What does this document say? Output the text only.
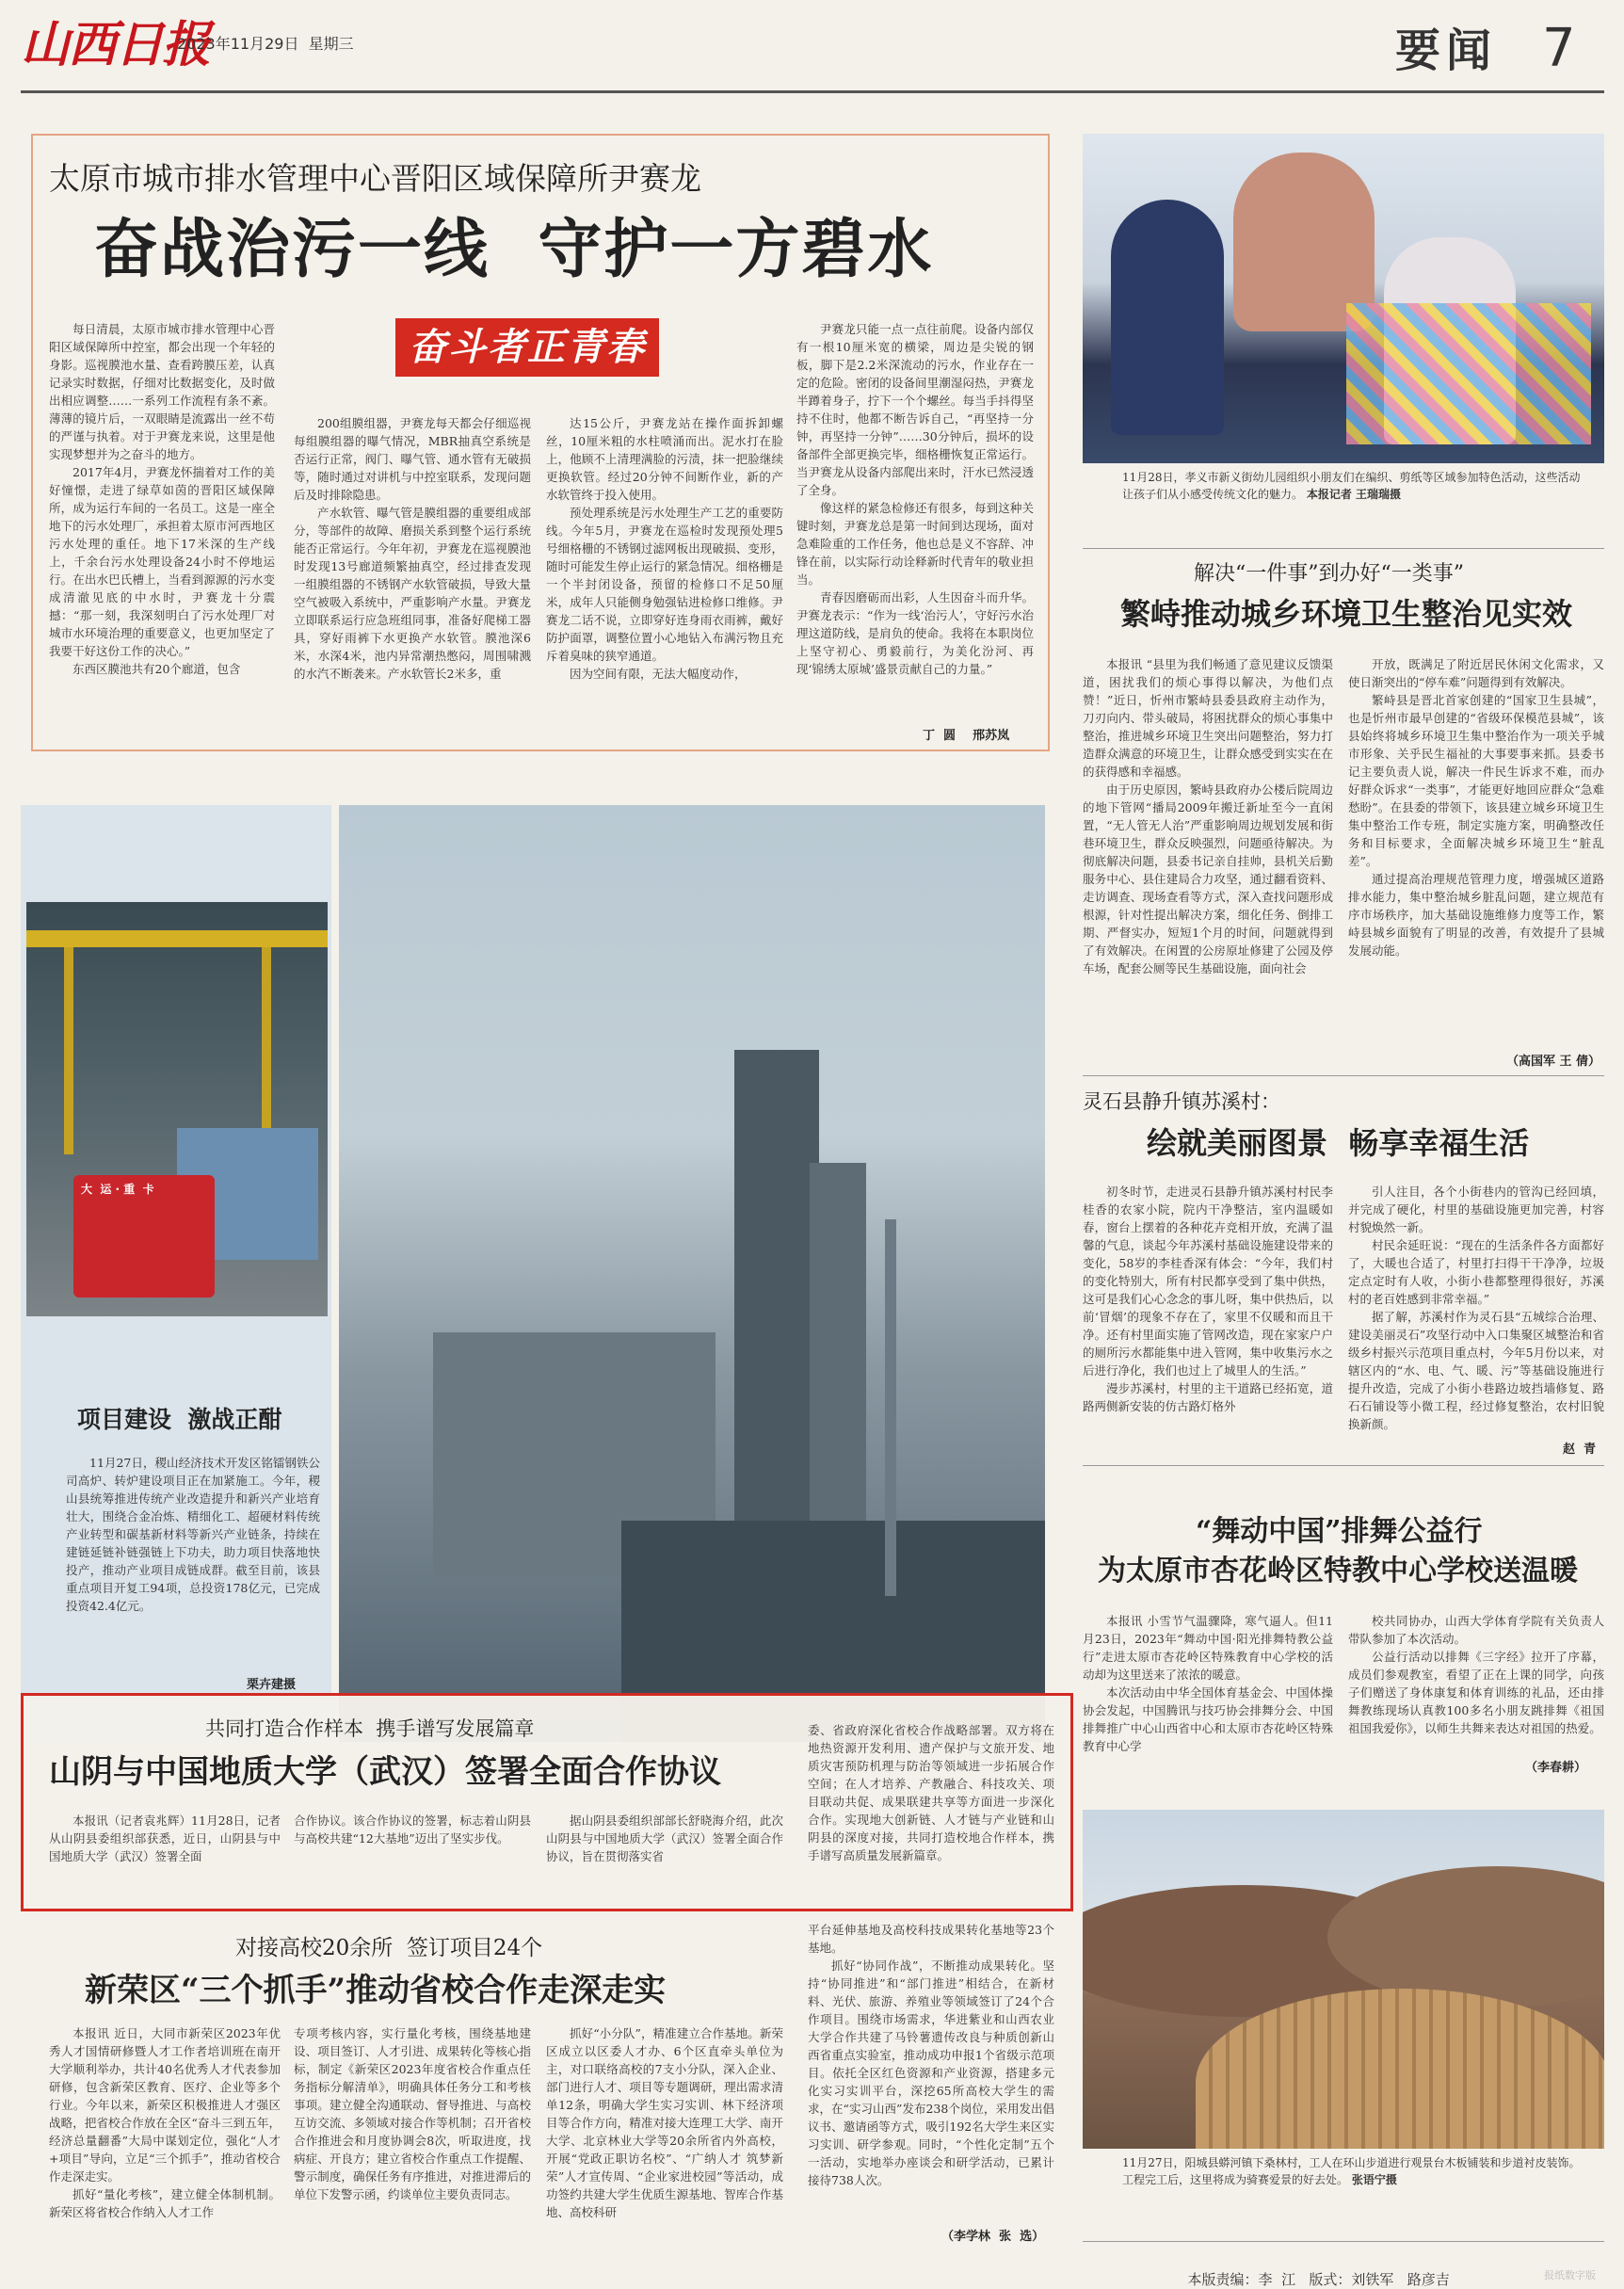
山西日报
2023年11月29日 星期三	要闻 7
太原市城市排水管理中心晋阳区域保障所尹赛龙
奋战治污一线  守护一方碧水
奋斗者正青春

每日清晨，太原市城市排水管理中心晋阳区域保障所中控室，都会出现一个年轻的身影。巡视膜池水量、查看跨膜压差，认真记录实时数据，仔细对比数据变化，及时做出相应调整……一系列工作流程有条不紊。薄薄的镜片后，一双眼睛是流露出一丝不苟的严谨与执着。对于尹赛龙来说，这里是他实现梦想并为之奋斗的地方。

2017年4月，尹赛龙怀揣着对工作的美好憧憬，走进了绿草如茵的晋阳区域保障所，成为运行车间的一名员工。这是一座全地下的污水处理厂，承担着太原市河西地区污水处理的重任。地下17米深的生产线上，千余台污水处理设备24小时不停地运行。在出水巴氏槽上，当看到源源的污水变成清澈见底的中水时，尹赛龙十分震撼：“那一刻，我深刻明白了污水处理厂对城市水环境治理的重要意义，也更加坚定了我要干好这份工作的决心。”

东西区膜池共有20个廊道，包含

200组膜组器，尹赛龙每天都会仔细巡视每组膜组器的曝气情况，MBR抽真空系统是否运行正常，阀门、曝气管、通水管有无破损等，随时通过对讲机与中控室联系，发现问题后及时排除隐患。

产水软管、曝气管是膜组器的重要组成部分，等部件的故障、磨损关系到整个运行系统能否正常运行。今年年初，尹赛龙在巡视膜池时发现13号廊道频繁抽真空，经过排查发现一组膜组器的不锈钢产水软管破损，导致大量空气被吸入系统中，严重影响产水量。尹赛龙立即联系运行应急班组同事，准备好爬梯工器具，穿好雨裤下水更换产水软管。膜池深6米，水深4米，池内异常潮热憋闷，周围啸溅的水汽不断袭来。产水软管长2米多，重

达15公斤，尹赛龙站在操作面拆卸螺丝，10厘米粗的水柱喷涌而出。泥水打在脸上，他顾不上清理满脸的污渍，抹一把脸继续更换软管。经过20分钟不间断作业，新的产水软管终于投入使用。

预处理系统是污水处理生产工艺的重要防线。今年5月，尹赛龙在巡检时发现预处理5号细格栅的不锈钢过滤网板出现破损、变形，随时可能发生停止运行的紧急情况。细格栅是一个半封闭设备，预留的检修口不足50厘米，成年人只能侧身勉强钻进检修口维修。尹赛龙二话不说，立即穿好连身雨衣雨裤，戴好防护面罩，调整位置小心地钻入布满污物且充斥着臭味的狭窄通道。

因为空间有限，无法大幅度动作，

尹赛龙只能一点一点往前爬。设备内部仅有一根10厘米宽的横梁，周边是尖锐的钢板，脚下是2.2米深流动的污水，作业存在一定的危险。密闭的设备间里潮湿闷热，尹赛龙半蹲着身子，拧下一个个螺丝。每当手抖得坚持不住时，他都不断告诉自己，“再坚持一分钟，再坚持一分钟”……30分钟后，损坏的设备部件全部更换完毕，细格栅恢复正常运行。当尹赛龙从设备内部爬出来时，汗水已然浸透了全身。

像这样的紧急检修还有很多，每到这种关键时刻，尹赛龙总是第一时间到达现场，面对急难险重的工作任务，他也总是义不容辞、冲锋在前，以实际行动诠释新时代青年的敬业担当。

青春因磨砺而出彩，人生因奋斗而升华。尹赛龙表示：“作为一线‘治污人’，守好污水治理这道防线，是肩负的使命。我将在本职岗位上坚守初心、勇毅前行，为美化汾河、再现‘锦绣太原城’盛景贡献自己的力量。”

丁  圆    邢苏岚
11月28日，孝义市新义街幼儿园组织小朋友们在编织、剪纸等区域参加特色活动，这些活动让孩子们从小感受传统文化的魅力。 本报记者 王瑞瑞摄
解决“一件事”到办好“一类事”
繁峙推动城乡环境卫生整治见实效

本报讯 “县里为我们畅通了意见建议反馈渠道，困扰我们的烦心事得以解决，为他们点赞！”近日，忻州市繁峙县委县政府主动作为，刀刃向内、带头破局，将困扰群众的烦心事集中整治，推进城乡环境卫生突出问题整治，努力打造群众满意的环境卫生，让群众感受到实实在在的获得感和幸福感。

由于历史原因，繁峙县政府办公楼后院周边的地下管网“播局2009年搬迁新址至今一直闲置，“无人管无人治”严重影响周边规划发展和街巷环境卫生，群众反映强烈，问题亟待解决。为彻底解决问题，县委书记亲自挂帅，县机关后勤服务中心、县住建局合力攻坚，通过翻看资料、走访调查、现场查看等方式，深入查找问题形成根源，针对性提出解决方案，细化任务、倒排工期、严督实办，短短1个月的时间，问题就得到了有效解决。在闲置的公房原址修建了公园及停车场，配套公厕等民生基础设施，面向社会

开放，既满足了附近居民休闲文化需求，又使日渐突出的“停车难”问题得到有效解决。

繁峙县是晋北首家创建的“国家卫生县城”，也是忻州市最早创建的“省级环保模范县城”，该县始终将城乡环境卫生集中整治作为一项关乎城市形象、关乎民生福祉的大事要事来抓。县委书记主要负责人说，解决一件民生诉求不难，而办好群众诉求“一类事”，才能更好地回应群众“急难愁盼”。在县委的带领下，该县建立城乡环境卫生集中整治工作专班，制定实施方案，明确整改任务和目标要求，全面解决城乡环境卫生“脏乱差”。

通过提高治理规范管理力度，增强城区道路排水能力，集中整治城乡脏乱问题，建立规范有序市场秩序，加大基础设施维修力度等工作，繁峙县城乡面貌有了明显的改善，有效提升了县城发展动能。

（高国军 王 倩）
灵石县静升镇苏溪村：
绘就美丽图景  畅享幸福生活

初冬时节，走进灵石县静升镇苏溪村村民李桂香的农家小院，院内干净整洁，室内温暖如春，窗台上摆着的各种花卉竞相开放，充满了温馨的气息，谈起今年苏溪村基础设施建设带来的变化，58岁的李桂香深有体会：“今年，我们村的变化特别大，所有村民都享受到了集中供热，这可是我们心心念念的事儿呀，集中供热后，以前‘冒烟’的现象不存在了，家里不仅暖和而且干净。还有村里面实施了管网改造，现在家家户户的厕所污水都能集中进入管网，集中收集污水之后进行净化，我们也过上了城里人的生活。”

漫步苏溪村，村里的主干道路已经拓宽，道路两侧新安装的仿古路灯格外

引人注目，各个小街巷内的管沟已经回填，并完成了硬化，村里的基础设施更加完善，村容村貌焕然一新。

村民余延旺说：“现在的生活条件各方面都好了，大暖也合适了，村里打扫得干干净净，垃圾定点定时有人收，小街小巷都整理得很好，苏溪村的老百姓感到非常幸福。”

据了解，苏溪村作为灵石县“五城综合治理、建设美丽灵石”攻坚行动中入口集聚区城整治和省级乡村振兴示范项目重点村，今年5月份以来，对辖区内的“水、电、气、暖、污”等基础设施进行提升改造，完成了小街小巷路边坡挡墙修复、路石石铺设等小微工程，经过修复整治，农村旧貌换新颜。

赵  青
“舞动中国”排舞公益行
为太原市杏花岭区特教中心学校送温暖

本报讯 小雪节气温骤降，寒气逼人。但11月23日，2023年“舞动中国·阳光排舞特教公益行”走进太原市杏花岭区特殊教育中心学校的活动却为这里送来了浓浓的暖意。

本次活动由中华全国体育基金会、中国体操协会发起，中国腾讯与技巧协会排舞分会、中国排舞推广中心山西省中心和太原市杏花岭区特殊教育中心学

校共同协办，山西大学体育学院有关负责人带队参加了本次活动。

公益行活动以排舞《三字经》拉开了序幕，成员们参观教室，看望了正在上课的同学，向孩子们赠送了身体康复和体育训练的礼品，还由排舞教练现场认真教100多名小朋友跳排舞《祖国祖国我爱你》，以师生共舞来表达对祖国的热爱。

（李春耕）
11月27日，阳城县蟒河镇下桑林村，工人在环山步道进行观景台木板铺装和步道衬皮装饰。工程完工后，这里将成为骑赛爱景的好去处。 张语宁摄
大  运 · 重  卡
项目建设  激战正酣

11月27日，稷山经济技术开发区铭镭钢铁公司高炉、转炉建设项目正在加紧施工。今年，稷山县统筹推进传统产业改造提升和新兴产业培育壮大，围绕合金冶炼、精细化工、超硬材料传统产业转型和碳基新材料等新兴产业链条，持续在建链延链补链强链上下功夫，助力项目快落地快投产，推动产业项目成链成群。截至目前，该县重点项目开复工94项，总投资178亿元，已完成投资42.4亿元。

栗卉建摄
共同打造合作样本  携手谱写发展篇章
山阴与中国地质大学（武汉）签署全面合作协议

本报讯（记者袁兆辉）11月28日，记者从山阴县委组织部获悉，近日，山阴县与中国地质大学（武汉）签署全面

合作协议。该合作协议的签署，标志着山阴县与高校共建“12大基地”迈出了坚实步伐。

据山阴县委组织部部长舒晓海介绍，此次山阴县与中国地质大学（武汉）签署全面合作协议，旨在贯彻落实省

委、省政府深化省校合作战略部署。双方将在地热资源开发利用、遗产保护与文旅开发、地质灾害预防机理与防治等领域进一步拓展合作空间；在人才培养、产教融合、科技攻关、项目联动共促、成果联建共享等方面进一步深化合作。实现地大创新链、人才链与产业链和山阴县的深度对接，共同打造校地合作样本，携手谱写高质量发展新篇章。

对接高校20余所  签订项目24个
新荣区“三个抓手”推动省校合作走深走实

本报讯 近日，大同市新荣区2023年优秀人才国情研修暨人才工作者培训班在南开大学顺利举办，共计40名优秀人才代表参加研修，包含新荣区教育、医疗、企业等多个行业。今年以来，新荣区积极推进人才强区战略，把省校合作放在全区“奋斗三到五年，经济总量翻番”大局中谋划定位，强化“人才+项目”导向，立足“三个抓手”，推动省校合作走深走实。

抓好“量化考核”，建立健全体制机制。新荣区将省校合作纳入人才工作

专项考核内容，实行量化考核，围绕基地建设、项目签订、人才引进、成果转化等核心指标，制定《新荣区2023年度省校合作重点任务指标分解清单》，明确具体任务分工和考核事项。建立健全沟通联动、督导推进、与高校互访交流、多领域对接合作等机制；召开省校合作推进会和月度协调会8次，听取进度，找病症、开良方；建立省校合作重点工作提醒、警示制度，确保任务有序推进，对推进滞后的单位下发警示函，约谈单位主要负责同志。

抓好“小分队”，精准建立合作基地。新荣区成立以区委人才办、6个区直牵头单位为主，对口联络高校的7支小分队，深入企业、部门进行人才、项目等专题调研，理出需求清单12条，明确大学生实习实训、林下经济项目等合作方向，精准对接大连理工大学、南开大学、北京林业大学等20余所省内外高校，开展“党政正职访名校”、“广纳人才 筑梦新荣”人才宣传周、“企业家进校园”等活动，成功签约共建大学生优质生源基地、智库合作基地、高校科研

平台延伸基地及高校科技成果转化基地等23个基地。

抓好“协同作战”，不断推动成果转化。坚持“协同推进”和“部门推进”相结合，在新材料、光伏、旅游、养殖业等领域签订了24个合作项目。围绕市场需求，华进紫业和山西农业大学合作共建了马铃薯遗传改良与种质创新山西省重点实验室，推动成功申报1个省级示范项目。依托全区红色资源和产业资源，搭建多元化实习实训平台，深挖65所高校大学生的需求，在“实习山西”发布238个岗位，采用发出倡议书、邀请函等方式，吸引192名大学生来区实习实训、研学参观。同时，“个性化定制”五个一活动，实地举办座谈会和研学活动，已累计接待738人次。

（李学林  张  选）

本版责编：李  江 版式：刘铁军 路彦吉	报纸数字版
